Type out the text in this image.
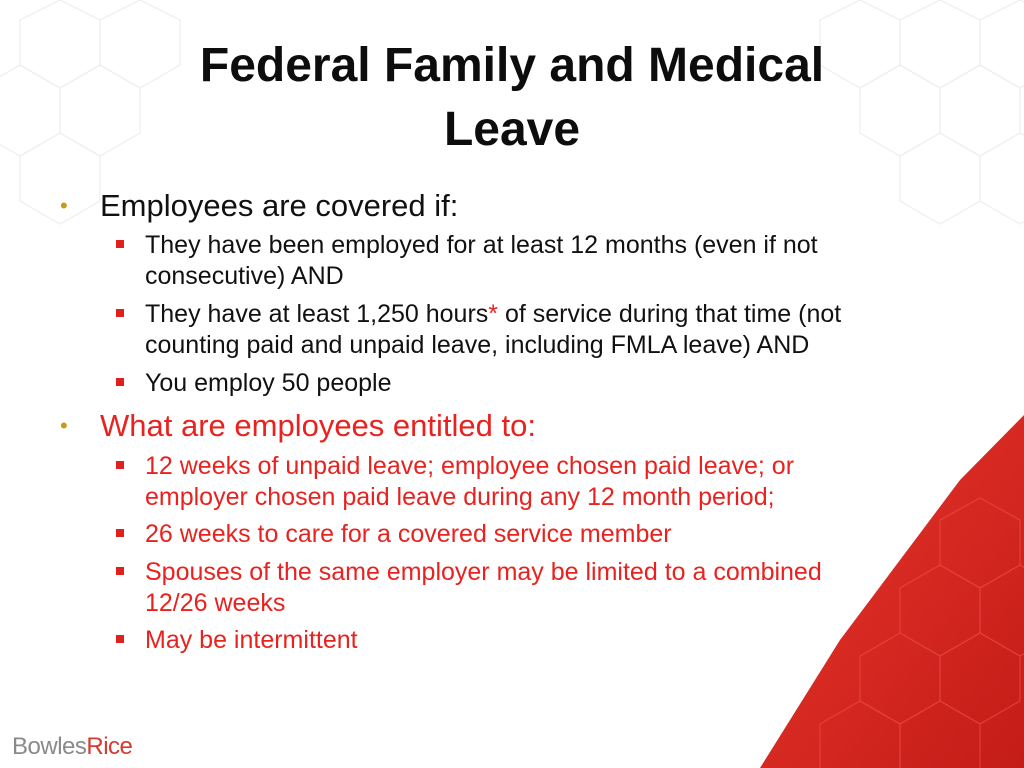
Federal Family and Medical
Leave
• Employees are covered if:
They have been employed for at least 12 months (even if not
consecutive) AND
They have at least 1,250 hours* of service during that time (not
counting paid and unpaid leave, including FMLA leave) AND
You employ 50 people
• What are employees entitled to:
12 weeks of unpaid leave; employee chosen paid leave; or
employer chosen paid leave during any 12 month period;
26 weeks to care for a covered service member
Spouses of the same employer may be limited to a combined
12/26 weeks
May be intermittent
BowlesRice
